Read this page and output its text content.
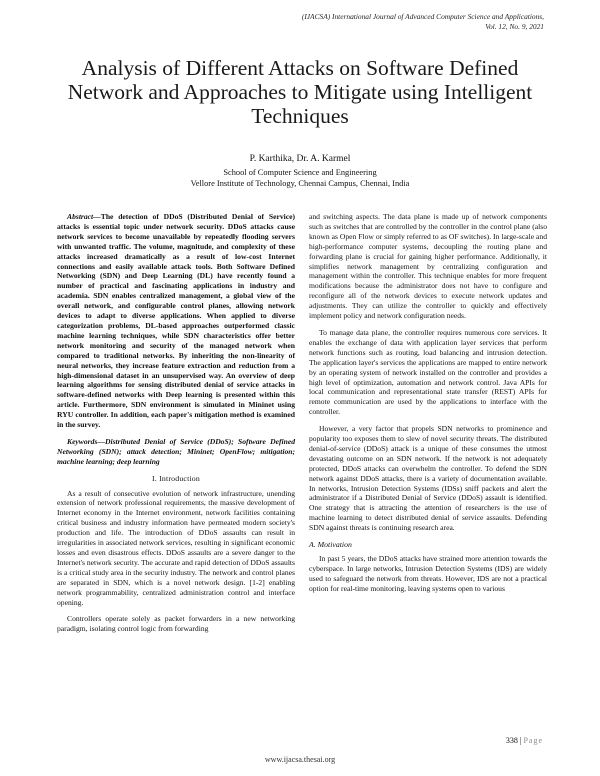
(IJACSA) International Journal of Advanced Computer Science and Applications,
Vol. 12, No. 9, 2021
Analysis of Different Attacks on Software Defined Network and Approaches to Mitigate using Intelligent Techniques
P. Karthika, Dr. A. Karmel
School of Computer Science and Engineering
Vellore Institute of Technology, Chennai Campus, Chennai, India

Abstract—The detection of DDoS (Distributed Denial of Service) attacks is essential topic under network security. DDoS attacks cause network services to become unavailable by repeatedly flooding servers with unwanted traffic. The volume, magnitude, and complexity of these attacks increased dramatically as a result of low-cost Internet connections and easily available attack tools. Both Software Defined Networking (SDN) and Deep Learning (DL) have recently found a number of practical and fascinating applications in industry and academia. SDN enables centralized management, a global view of the overall network, and configurable control planes, allowing network devices to adapt to diverse applications. When applied to diverse categorization problems, DL-based approaches outperformed classic machine learning techniques, while SDN characteristics offer better network monitoring and security of the managed network when compared to traditional networks. By inheriting the non-linearity of neural networks, they increase feature extraction and reduction from a high-dimensional dataset in an unsupervised way. An overview of deep learning algorithms for sensing distributed denial of service attacks in software-defined networks with Deep learning is presented within this article. Furthermore, SDN environment is simulated in Mininet using RYU controller. In addition, each paper's mitigation method is examined in the survey.

Keywords—Distributed Denial of Service (DDoS); Software Defined Networking (SDN); attack detection; Mininet; OpenFlow; mitigation; machine learning; deep learning

I. Introduction

As a result of consecutive evolution of network infrastructure, unending extension of network professional requirements, the massive development of Internet economy in the Internet environment, network facilities containing critical business and industry information have permeated modern society's production and life. The introduction of DDoS assaults can result in irregularities in associated network services, resulting in significant economic losses and even disastrous effects. DDoS assaults are a severe danger to the Internet's network security. The accurate and rapid detection of DDoS assaults is a critical study area in the security industry. The network and control planes are separated in SDN, which is a novel network design. [1-2] enabling network programmability, centralized administration control and interface opening.

Controllers operate solely as packet forwarders in a new networking paradigm, isolating control logic from forwarding

and switching aspects. The data plane is made up of network components such as switches that are controlled by the controller in the control plane (also known as Open Flow or simply referred to as OF switches). In large-scale and high-performance computer systems, decoupling the routing plane and forwarding plane is crucial for gaining higher performance. Additionally, it simplifies network management by centralizing configuration and management within the controller. This technique enables for more frequent modifications because the administrator does not have to configure and reconfigure all of the network devices to execute network updates and adjustments. They can utilize the controller to quickly and effectively implement policy and network configuration needs.

To manage data plane, the controller requires numerous core services. It enables the exchange of data with application layer services that perform network functions such as routing, load balancing and intrusion detection. The application layer's services the applications are mapped to entire network by an operating system of network installed on the controller and provides a high level of optimization, automation and network control. Java APIs for local communication and representational state transfer (REST) APIs for remote communication are used by the applications to interface with the controller.

However, a very factor that propels SDN networks to prominence and popularity too exposes them to slew of novel security threats. The distributed denial-of-service (DDoS) attack is a unique of these consumes the utmost devastating outcome on an SDN network. If the network is not adequately protected, DDoS attacks can overwhelm the controller. To defend the SDN network against DDoS attacks, there is a variety of documentation available. In networks, Intrusion Detection Systems (IDSs) sniff packets and alert the administrator if a Distributed Denial of Service (DDoS) assault is identified. One strategy that is attracting the attention of researchers is the use of machine learning to detect distributed denial of service assaults. Defending SDN against threats is continuing research area.

A. Motivation

In past 5 years, the DDoS attacks have strained more attention towards the cyberspace. In large networks, Intrusion Detection Systems (IDS) are widely used to safeguard the network from threats. However, IDS are not a practical option for real-time monitoring, leaving systems open to various

338 | Page
www.ijacsa.thesai.org
